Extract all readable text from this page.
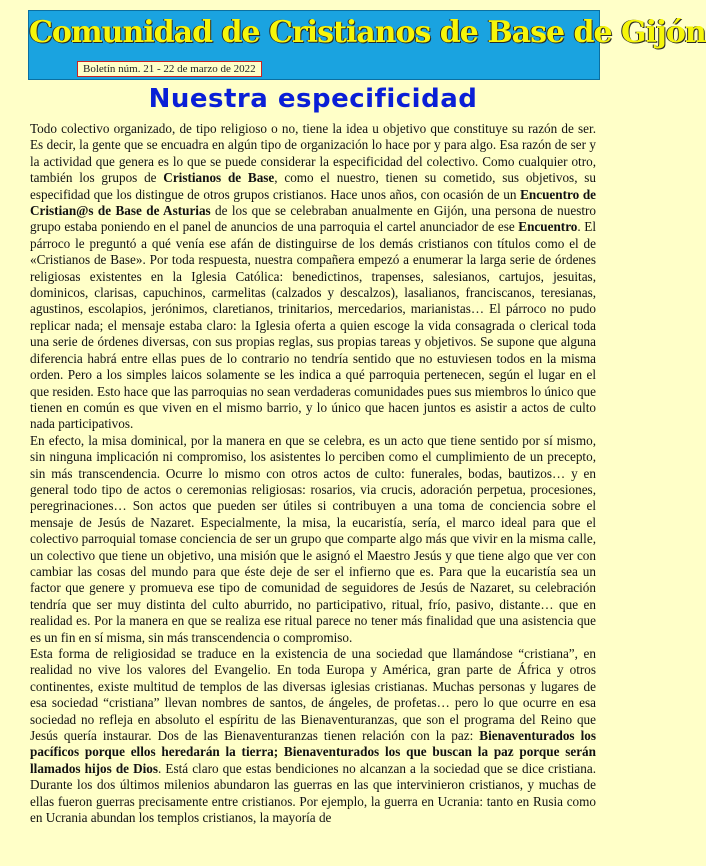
Comunidad de Cristianos de Base de Gijón
Boletín núm. 21 - 22 de marzo de 2022
Nuestra especificidad

Todo colectivo organizado, de tipo religioso o no, tiene la idea u objetivo que constituye su razón de ser. Es decir, la gente que se encuadra en algún tipo de organización lo hace por y para algo. Esa razón de ser y la actividad que genera es lo que se puede considerar la especificidad del colectivo. Como cualquier otro, también los grupos de Cristianos de Base, como el nuestro, tienen su cometido, sus objetivos, su especifidad que los distingue de otros grupos cristianos. Hace unos años, con ocasión de un Encuentro de Cristian@s de Base de Asturias de los que se celebraban anualmente en Gijón, una persona de nuestro grupo estaba poniendo en el panel de anuncios de una parroquia el cartel anunciador de ese Encuentro. El párroco le preguntó a qué venía ese afán de distinguirse de los demás cristianos con títulos como el de «Cristianos de Base». Por toda respuesta, nuestra compañera empezó a enumerar la larga serie de órdenes religiosas existentes en la Iglesia Católica: benedictinos, trapenses, salesianos, cartujos, jesuitas, dominicos, clarisas, capuchinos, carmelitas (calzados y descalzos), lasalianos, franciscanos, teresianas, agustinos, escolapios, jerónimos, claretianos, trinitarios, mercedarios, marianistas… El párroco no pudo replicar nada; el mensaje estaba claro: la Iglesia oferta a quien escoge la vida consagrada o clerical toda una serie de órdenes diversas, con sus propias reglas, sus propias tareas y objetivos. Se supone que alguna diferencia habrá entre ellas pues de lo contrario no tendría sentido que no estuviesen todos en la misma orden. Pero a los simples laicos solamente se les indica a qué parroquia pertenecen, según el lugar en el que residen. Esto hace que las parroquias no sean verdaderas comunidades pues sus miembros lo único que tienen en común es que viven en el mismo barrio, y lo único que hacen juntos es asistir a actos de culto nada participativos.

En efecto, la misa dominical, por la manera en que se celebra, es un acto que tiene sentido por sí mismo, sin ninguna implicación ni compromiso, los asistentes lo perciben como el cumplimiento de un precepto, sin más transcendencia. Ocurre lo mismo con otros actos de culto: funerales, bodas, bautizos… y en general todo tipo de actos o ceremonias religiosas: rosarios, via crucis, adoración perpetua, procesiones, peregrinaciones… Son actos que pueden ser útiles si contribuyen a una toma de conciencia sobre el mensaje de Jesús de Nazaret. Especialmente, la misa, la eucaristía, sería, el marco ideal para que el colectivo parroquial tomase conciencia de ser un grupo que comparte algo más que vivir en la misma calle, un colectivo que tiene un objetivo, una misión que le asignó el Maestro Jesús y que tiene algo que ver con cambiar las cosas del mundo para que éste deje de ser el infierno que es. Para que la eucaristía sea un factor que genere y promueva ese tipo de comunidad de seguidores de Jesús de Nazaret, su celebración tendría que ser muy distinta del culto aburrido, no participativo, ritual, frío, pasivo, distante… que en realidad es. Por la manera en que se realiza ese ritual parece no tener más finalidad que una asistencia que es un fin en sí misma, sin más transcendencia o compromiso.

Esta forma de religiosidad se traduce en la existencia de una sociedad que llamándose “cristiana”, en realidad no vive los valores del Evangelio. En toda Europa y América, gran parte de África y otros continentes, existe multitud de templos de las diversas iglesias cristianas. Muchas personas y lugares de esa sociedad “cristiana” llevan nombres de santos, de ángeles, de profetas… pero lo que ocurre en esa sociedad no refleja en absoluto el espíritu de las Bienaventuranzas, que son el programa del Reino que Jesús quería instaurar. Dos de las Bienaventuranzas tienen relación con la paz: Bienaventurados los pacíficos porque ellos heredarán la tierra; Bienaventurados los que buscan la paz porque serán llamados hijos de Dios. Está claro que estas bendiciones no alcanzan a la sociedad que se dice cristiana. Durante los dos últimos milenios abundaron las guerras en las que intervinieron cristianos, y muchas de ellas fueron guerras precisamente entre cristianos. Por ejemplo, la guerra en Ucrania: tanto en Rusia como en Ucrania abundan los templos cristianos, la mayoría de
